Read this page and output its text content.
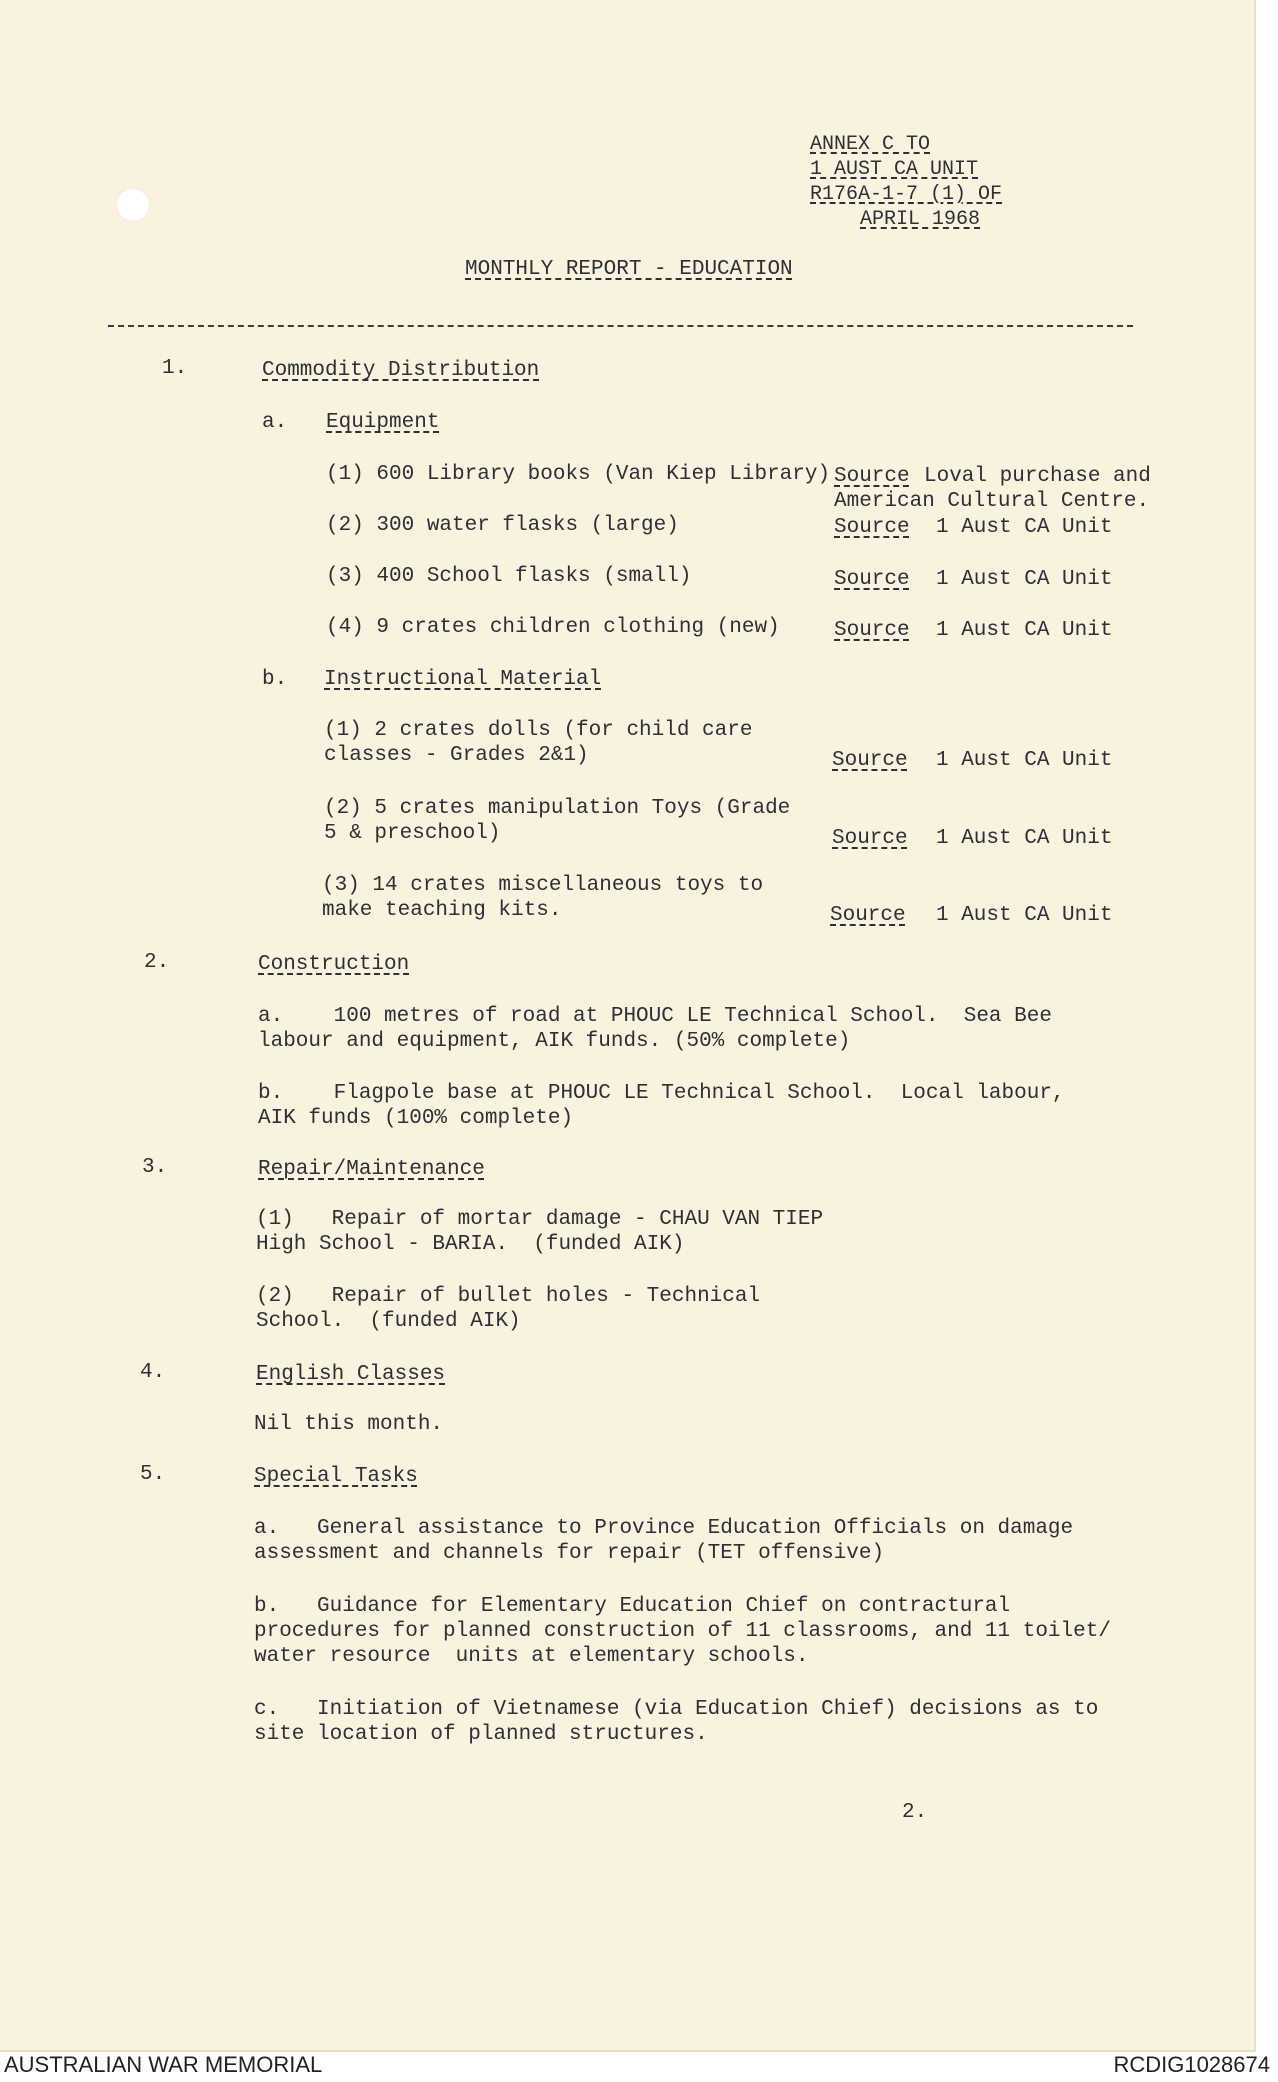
ANNEX C TO
1 AUST CA UNIT
R176A-1-7 (1) OF
APRIL 1968
MONTHLY REPORT - EDUCATION
1.	Commodity Distribution
a. Equipment
(1) 600 Library books (Van Kiep Library) Source Loval purchase and
American Cultural Centre.
(2) 300 water flasks (large)	Source 1 Aust CA Unit
(3) 400 School flasks (small)	Source 1 Aust CA Unit
(4) 9 crates children clothing (new)	Source 1 Aust CA Unit
b. Instructional Material
(1) 2 crates dolls (for child care
classes - Grades 2&1)	Source 1 Aust CA Unit
(2) 5 crates manipulation Toys (Grade
5 & preschool)	Source 1 Aust CA Unit
(3) 14 crates miscellaneous toys to
make teaching kits.	Source 1 Aust CA Unit
2.	Construction
a.    100 metres of road at PHOUC LE Technical School.  Sea Bee
labour and equipment, AIK funds. (50% complete)
b.    Flagpole base at PHOUC LE Technical School.  Local labour,
AIK funds (100% complete)
3.	Repair/Maintenance
(1)   Repair of mortar damage - CHAU VAN TIEP
High School - BARIA.  (funded AIK)
(2)   Repair of bullet holes - Technical
School.  (funded AIK)
4.	English Classes
Nil this month.
5.	Special Tasks
a.   General assistance to Province Education Officials on damage
assessment and channels for repair (TET offensive)
b.   Guidance for Elementary Education Chief on contractural
procedures for planned construction of 11 classrooms, and 11 toilet/
water resource  units at elementary schools.
c.   Initiation of Vietnamese (via Education Chief) decisions as to
site location of planned structures.
2.
AUSTRALIAN WAR MEMORIAL	RCDIG1028674
